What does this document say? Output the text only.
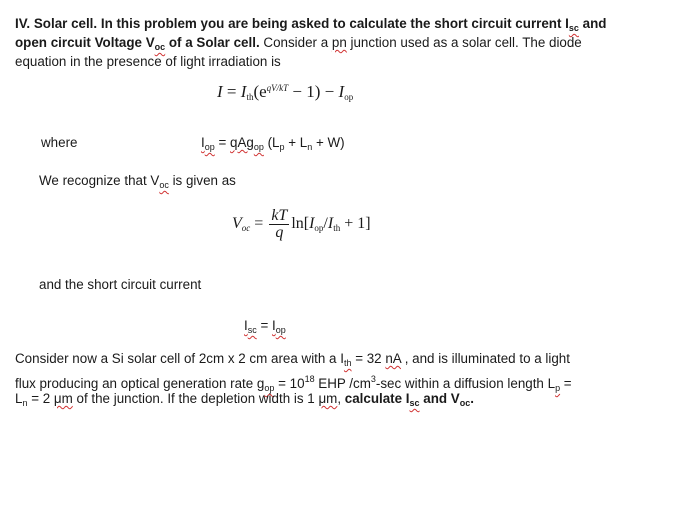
IV. Solar cell. In this problem you are being asked to calculate the short circuit current $I_{sc}$ and
open circuit Voltage $V_{oc}$ of a Solar cell. Consider a pn junction used as a solar cell. The diode
equation in the presence of light irradiation is
$I = I_{th}(e^{qV/kT} - 1) - I_{op}$
where	$I_{op} = qAg_{op}$ $(L_p + L_n + W)$
We recognize that $V_{oc}$ is given as
$V_{oc} = \frac{kT}{q} \ln[I_{op}/I_{th} + 1]$
and the short circuit current
$I_{sc} = I_{op}$
Consider now a Si solar cell of 2cm x 2 cm area with a $I_{th} = 32$ nA , and is illuminated to a light
flux producing an optical generation rate $g_{op} = 10^{18}$ EHP $/cm^3-\sec$ within a diffusion length $L_p$ =
$L_n = 2$ μm of the junction. If the depletion width is 1 μm, calculate $I_{sc}$ and $V_{oc}$.
